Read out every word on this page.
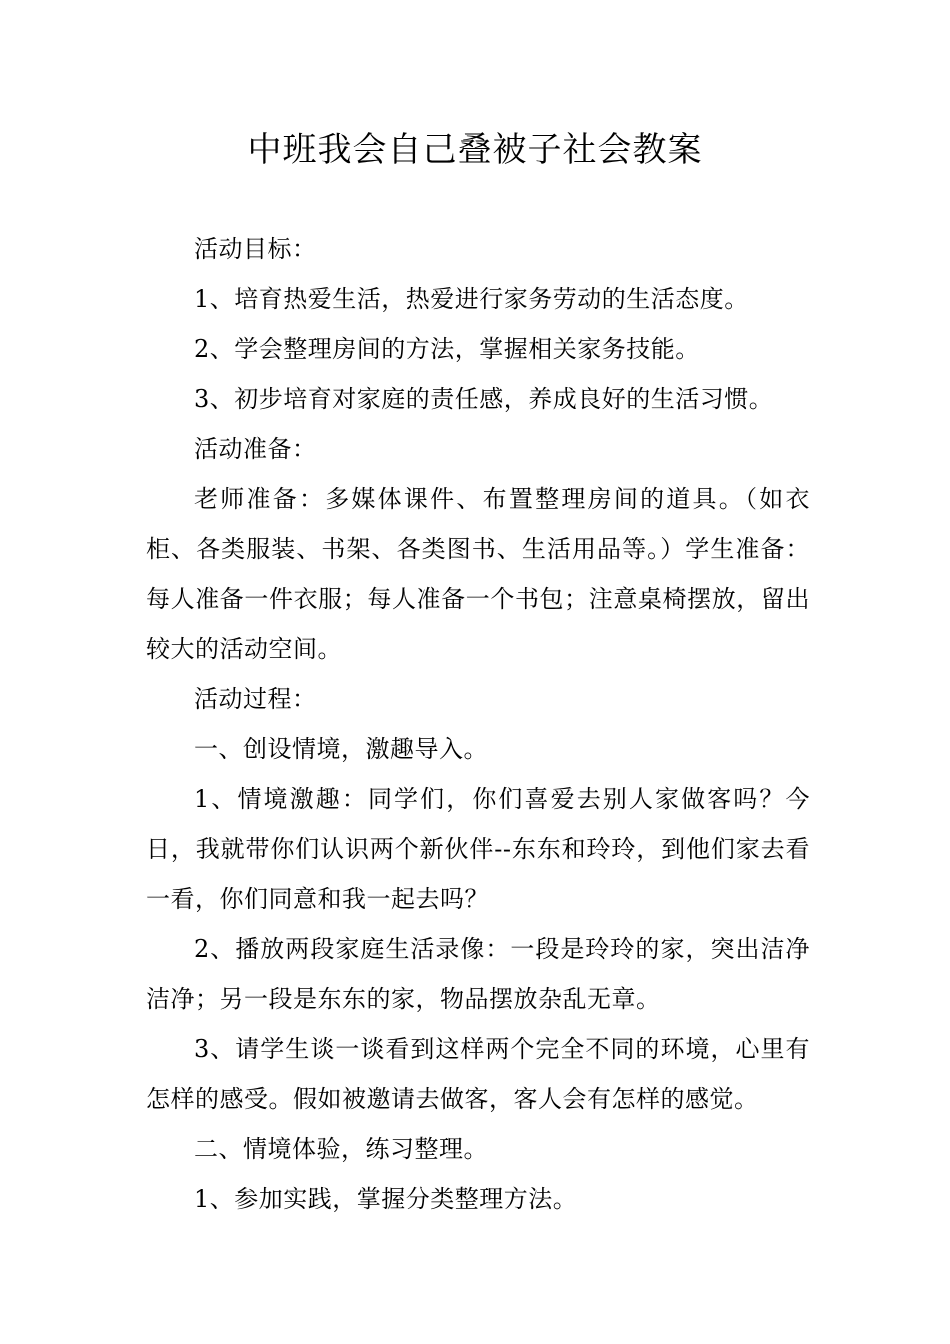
中班我会自己叠被子社会教案

活动目标：

1、培育热爱生活，热爱进行家务劳动的生活态度。

2、学会整理房间的方法，掌握相关家务技能。

3、初步培育对家庭的责任感，养成良好的生活习惯。

活动准备：

老师准备：多媒体课件、布置整理房间的道具。（如衣柜、各类服装、书架、各类图书、生活用品等。）学生准备：每人准备一件衣服；每人准备一个书包；注意桌椅摆放，留出较大的活动空间。

活动过程：

一、创设情境，激趣导入。

1、情境激趣：同学们，你们喜爱去别人家做客吗？今日，我就带你们认识两个新伙伴--东东和玲玲，到他们家去看一看，你们同意和我一起去吗？

2、播放两段家庭生活录像：一段是玲玲的家，突出洁净洁净；另一段是东东的家，物品摆放杂乱无章。

3、请学生谈一谈看到这样两个完全不同的环境，心里有怎样的感受。假如被邀请去做客，客人会有怎样的感觉。

二、情境体验，练习整理。

1、参加实践，掌握分类整理方法。
